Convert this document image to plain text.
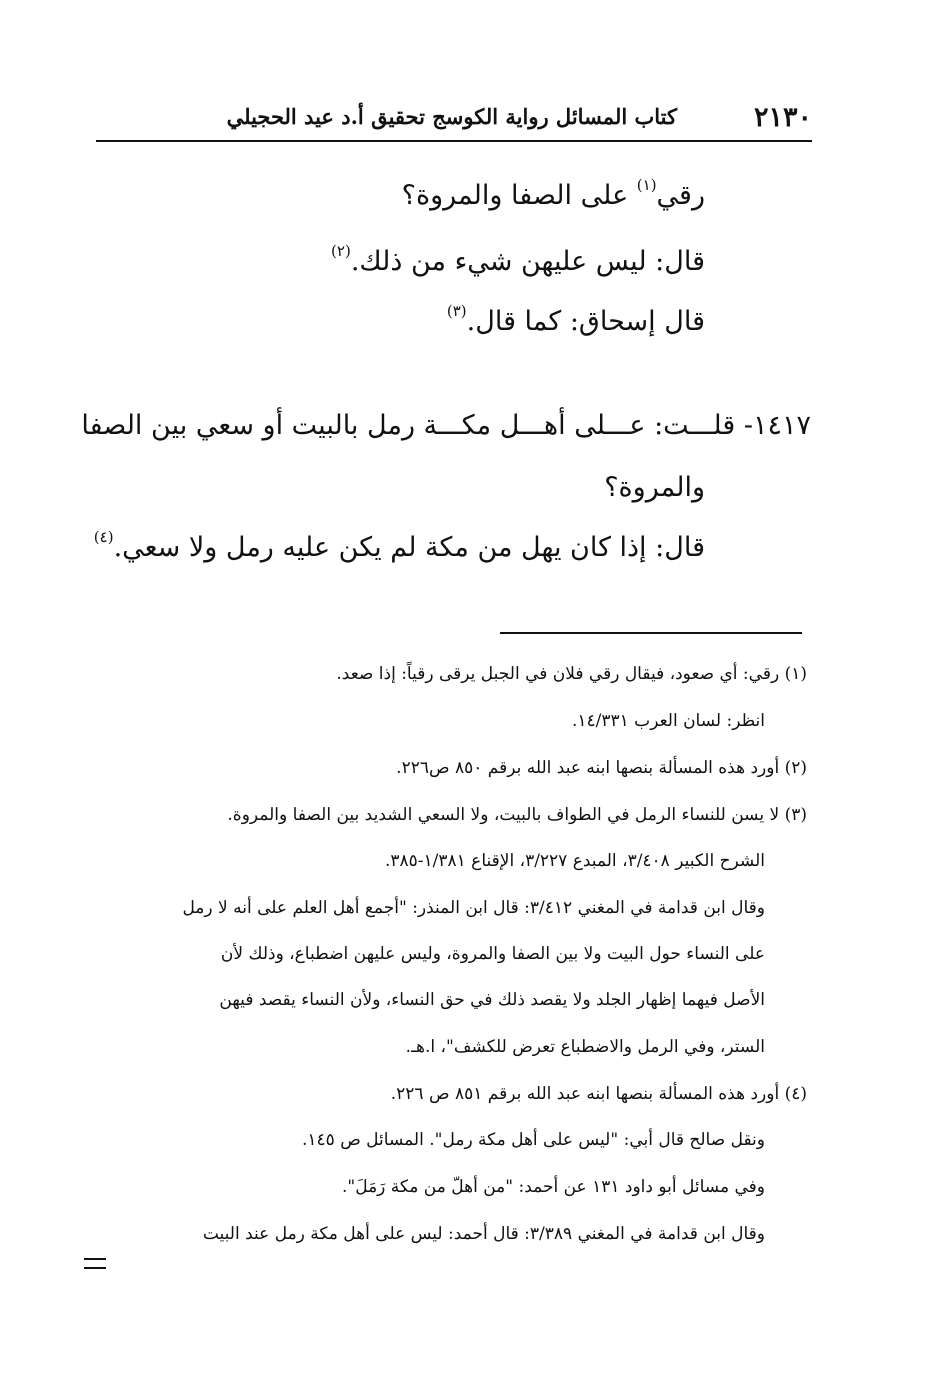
٢١٣٠
كتاب المسائل رواية الكوسج تحقيق أ.د عيد الحجيلي
رقي$^{(١)}$ على الصفا والمروة؟
قال: ليس عليهن شيء من ذلك.$^{(٢)}$
قال إسحاق: كما قال.$^{(٣)}$
١٤١٧- قلـــت: عـــلى أهـــل مكـــة رمل بالبيت أو سعي بين الصفا
والمروة؟
قال: إذا كان يهل من مكة لم يكن عليه رمل ولا سعي.$^{(٤)}$
(١) رقي: أي صعود، فيقال رقي فلان في الجبل يرقى رقياً: إذا صعد.
انظر: لسان العرب ١٤/٣٣١.
(٢) أورد هذه المسألة بنصها ابنه عبد الله برقم ٨٥٠ ص٢٢٦.
(٣) لا يسن للنساء الرمل في الطواف بالبيت، ولا السعي الشديد بين الصفا والمروة.
الشرح الكبير ٣/٤٠٨، المبدع ٣/٢٢٧، الإقناع ١/٣٨١-٣٨٥.
وقال ابن قدامة في المغني ٣/٤١٢: قال ابن المنذر: "أجمع أهل العلم على أنه لا رمل
على النساء حول البيت ولا بين الصفا والمروة، وليس عليهن اضطباع، وذلك لأن
الأصل فيهما إظهار الجلد ولا يقصد ذلك في حق النساء، ولأن النساء يقصد فيهن
الستر، وفي الرمل والاضطباع تعرض للكشف"، ا.هـ.
(٤) أورد هذه المسألة بنصها ابنه عبد الله برقم ٨٥١ ص ٢٢٦.
ونقل صالح قال أبي: "ليس على أهل مكة رمل". المسائل ص ١٤٥.
وفي مسائل أبو داود ١٣١ عن أحمد: "من أهلّ من مكة رَمَلَ".
وقال ابن قدامة في المغني ٣/٣٨٩: قال أحمد: ليس على أهل مكة رمل عند البيت
